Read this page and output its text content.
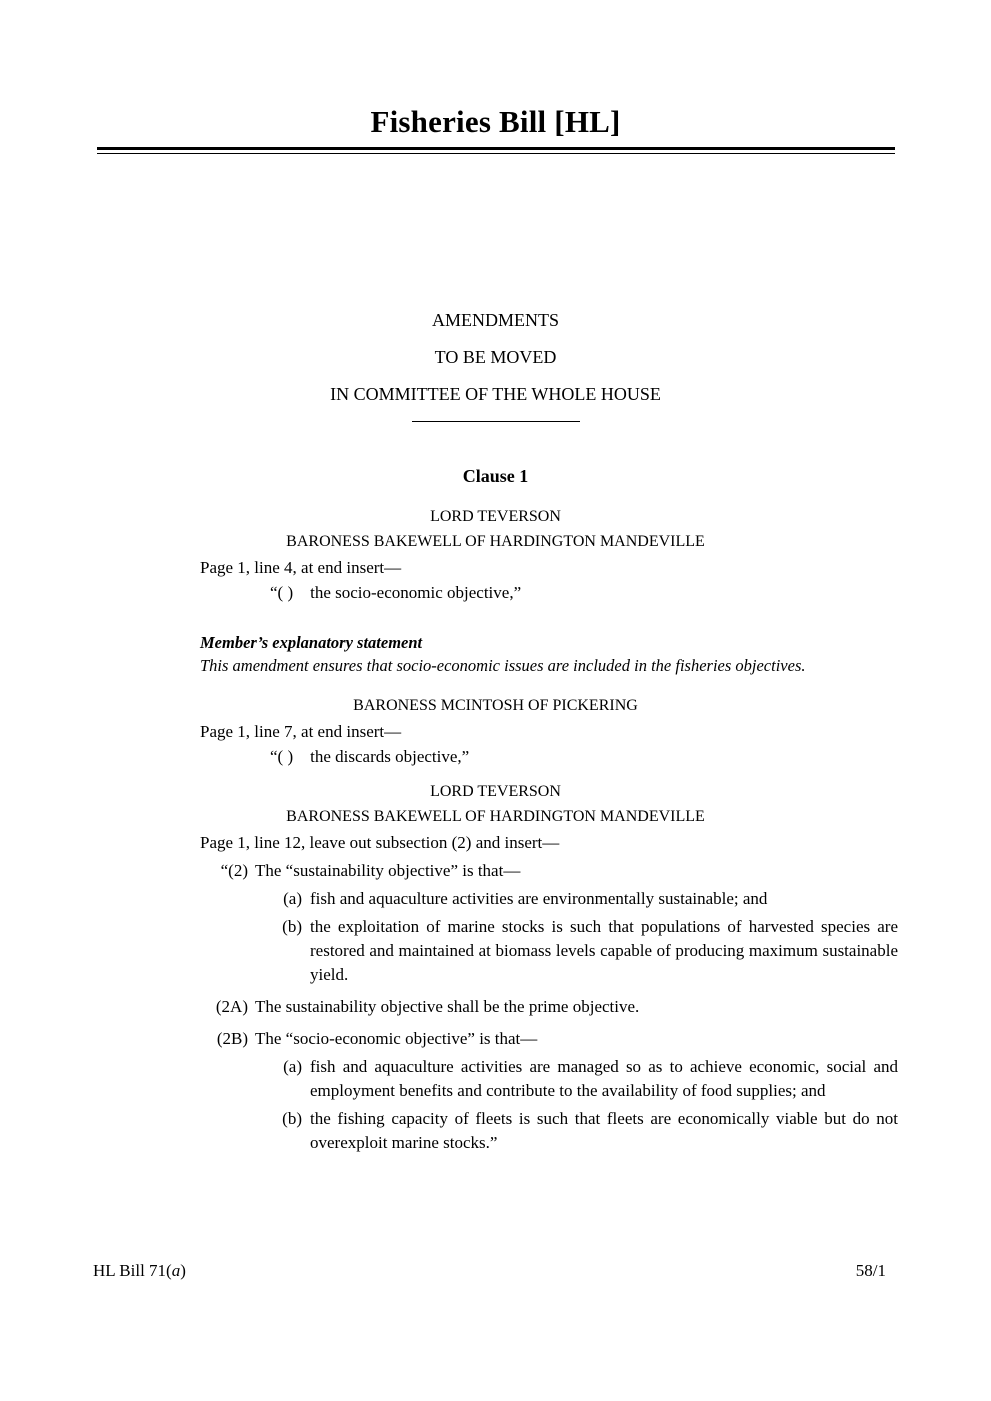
Fisheries Bill [HL]
AMENDMENTS
TO BE MOVED
IN COMMITTEE OF THE WHOLE HOUSE
Clause 1
LORD TEVERSON
BARONESS BAKEWELL OF HARDINGTON MANDEVILLE
Page 1, line 4, at end insert—
“( ) the socio-economic objective,”
Member’s explanatory statement
This amendment ensures that socio-economic issues are included in the fisheries objectives.
BARONESS MCINTOSH OF PICKERING
Page 1, line 7, at end insert—
“( ) the discards objective,”
LORD TEVERSON
BARONESS BAKEWELL OF HARDINGTON MANDEVILLE
Page 1, line 12, leave out subsection (2) and insert—
“(2) The “sustainability objective” is that—
(a) fish and aquaculture activities are environmentally sustainable; and
(b) the exploitation of marine stocks is such that populations of harvested species are restored and maintained at biomass levels capable of producing maximum sustainable yield.
(2A) The sustainability objective shall be the prime objective.
(2B) The “socio-economic objective” is that—
(a) fish and aquaculture activities are managed so as to achieve economic, social and employment benefits and contribute to the availability of food supplies; and
(b) the fishing capacity of fleets is such that fleets are economically viable but do not overexploit marine stocks.”
HL Bill 71(a)	58/1
